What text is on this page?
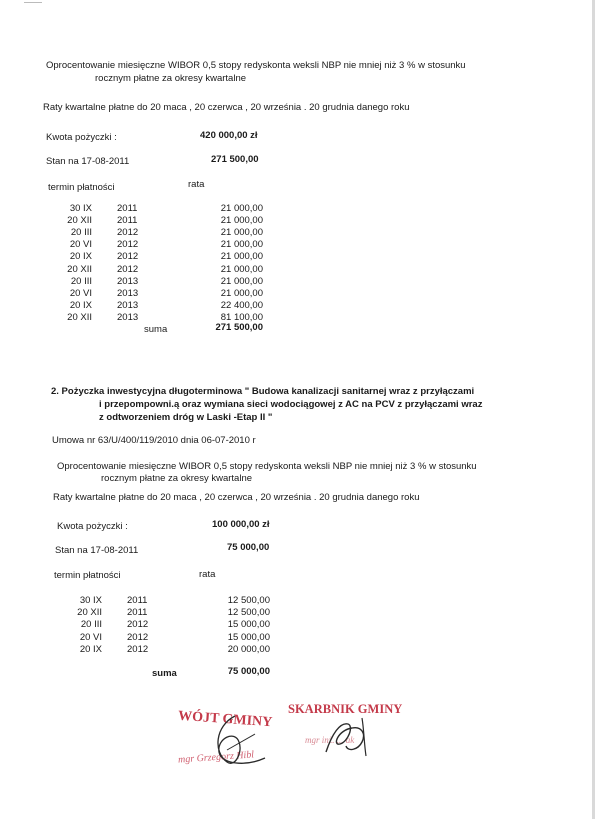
Oprocentowanie miesięczne WIBOR 0,5 stopy redyskonta weksli NBP nie mniej niż 3 % w stosunku
rocznym płatne za okresy kwartalne
Raty kwartalne płatne do 20 maca , 20 czerwca , 20 września . 20 grudnia danego roku
Kwota pożyczki :	420 000,00 zł
Stan na 17-08-2011	271 500,00
termin płatności	rata
30 IX	2011	21 000,00
20 XII	2011	21 000,00
20 III	2012	21 000,00
20 VI	2012	21 000,00
20 IX	2012	21 000,00
20 XII	2012	21 000,00
20 III	2013	21 000,00
20 VI	2013	21 000,00
20 IX	2013	22 400,00
20 XII	2013	81 100,00
suma	271 500,00
2. Pożyczka inwestycyjna długoterminowa " Budowa kanalizacji sanitarnej wraz z przyłączami
i przepompowni.ą oraz wymiana sieci wodociągowej z AC na PCV z przyłączami wraz
z odtworzeniem dróg w Laski -Etap II "
Umowa nr 63/U/400/119/2010 dnia 06-07-2010 r
Oprocentowanie miesięczne WIBOR 0,5 stopy redyskonta weksli NBP nie mniej niż 3 % w stosunku
rocznym płatne za okresy kwartalne
Raty kwartalne płatne do 20 maca , 20 czerwca , 20 września . 20 grudnia danego roku
Kwota pożyczki :	100 000,00 zł
Stan na 17-08-2011	75 000,00
termin płatności	rata
30 IX	2011	12 500,00
20 XII	2011	12 500,00
20 III	2012	15 000,00
20 VI	2012	15 000,00
20 IX	2012	20 000,00
suma	75 000,00
WÓJT GMINY
mgr Grzegorz Hibl
SKARBNIK GMINY
mgr inż. ... ak
